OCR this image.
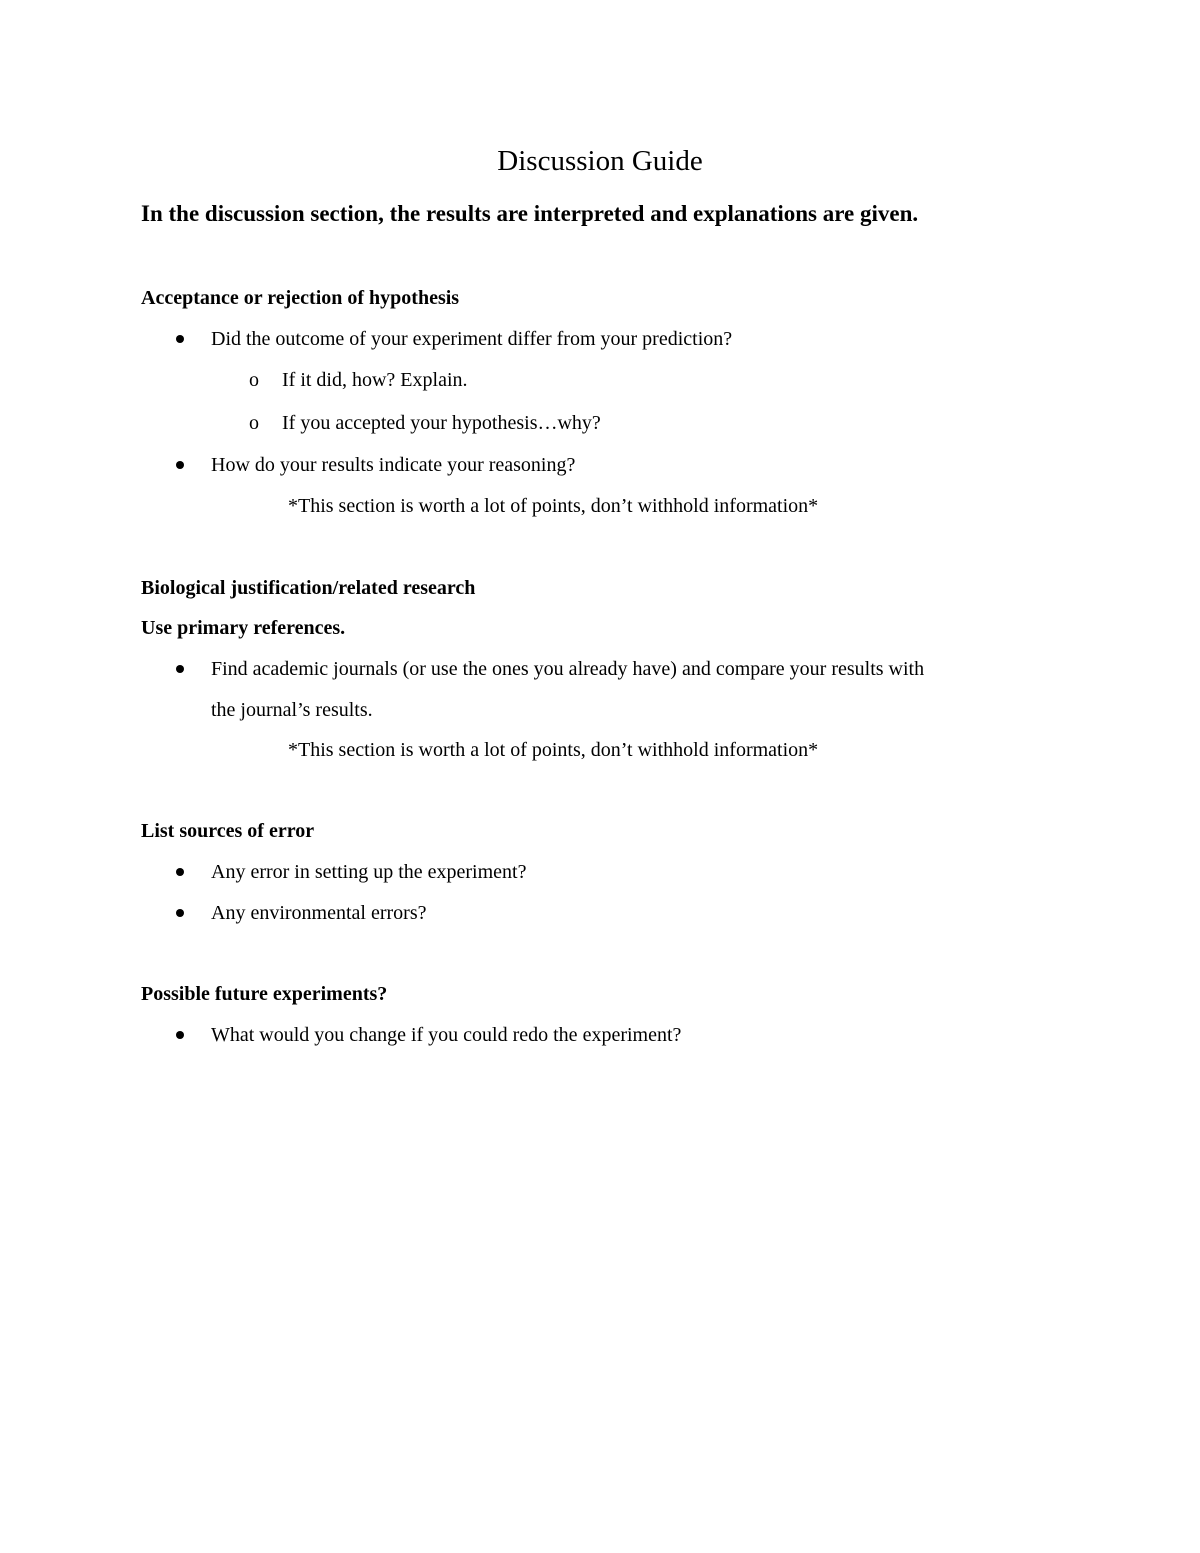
Discussion Guide

In the discussion section, the results are interpreted and explanations are given.

Acceptance or rejection of hypothesis

Did the outcome of your experiment differ from your prediction?

o If it did, how? Explain.

o If you accepted your hypothesis…why?

How do your results indicate your reasoning?

*This section is worth a lot of points, don’t withhold information*

Biological justification/related research

Use primary references.

Find academic journals (or use the ones you already have) and compare your results with

the journal’s results.

*This section is worth a lot of points, don’t withhold information*

List sources of error

Any error in setting up the experiment?

Any environmental errors?

Possible future experiments?

What would you change if you could redo the experiment?
